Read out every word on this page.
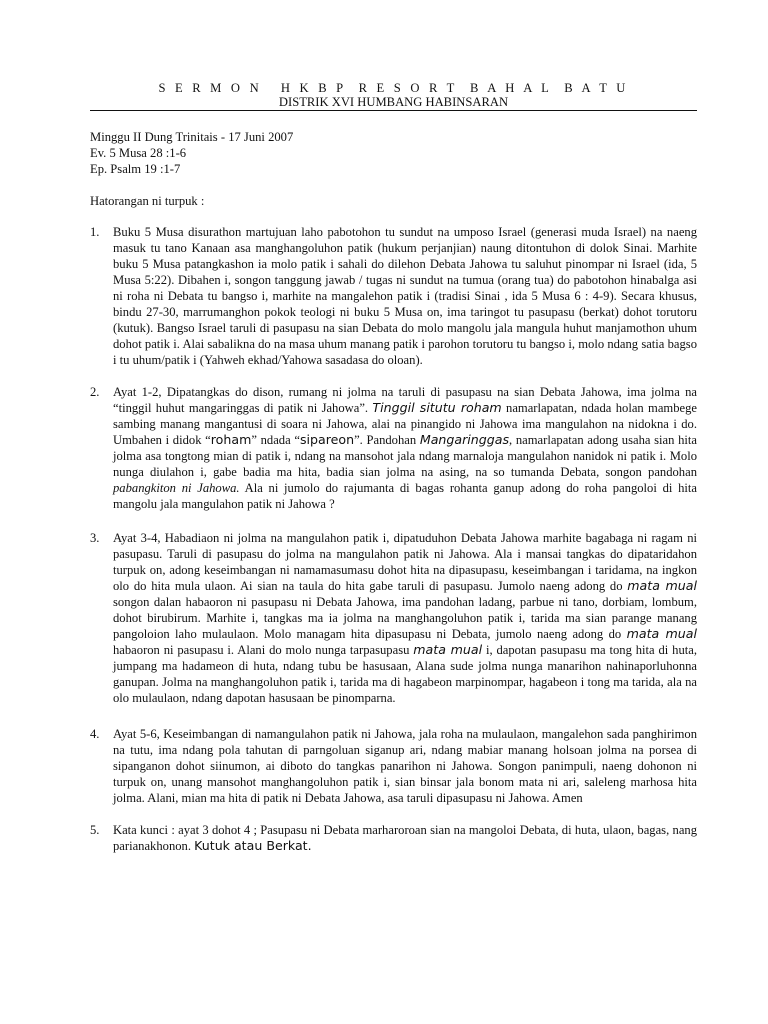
S E R M O N   H K B P  R E S O R T  B A H A L  B A T U
DISTRIK XVI HUMBANG HABINSARAN
Minggu II Dung Trinitais - 17 Juni 2007
Ev. 5 Musa 28 :1-6
Ep. Psalm 19 :1-7
Hatorangan ni turpuk :
1. Buku 5 Musa disurathon martujuan laho pabotohon tu sundut na umposo Israel (generasi muda Israel) na naeng masuk tu tano Kanaan asa manghangoluhon patik (hukum perjanjian) naung ditontuhon di dolok Sinai. Marhite buku 5 Musa patangkashon ia molo patik i sahali do dilehon Debata Jahowa tu saluhut pinompar ni Israel (ida, 5 Musa 5:22). Dibahen i, songon tanggung jawab / tugas ni sundut na tumua (orang tua) do pabotohon hinabalga asi ni roha ni Debata tu bangso i, marhite na mangalehon patik i (tradisi Sinai , ida 5 Musa 6 : 4-9). Secara khusus, bindu 27-30, marrumanghon pokok teologi ni buku 5 Musa on, ima taringot tu pasupasu (berkat) dohot torutoru (kutuk). Bangso Israel taruli di pasupasu na sian Debata do molo mangolu jala mangula huhut manjamothon uhum dohot patik i. Alai sabalikna do na masa uhum manang patik i parohon torutoru tu bangso i, molo ndang satia bagso i tu uhum/patik i (Yahweh ekhad/Yahowa sasadasa do oloan).

2. Ayat 1-2, Dipatangkas do dison, rumang ni jolma na taruli di pasupasu na sian Debata Jahowa, ima jolma na “tinggil huhut mangaringgas di patik ni Jahowa”. Tinggil situtu roham namarlapatan, ndada holan mambege sambing manang mangantusi di soara ni Jahowa, alai na pinangido ni Jahowa ima mangulahon na nidokna i do. Umbahen i didok “roham” ndada “sipareon”. Pandohan Mangaringgas, namarlapatan adong usaha sian hita jolma asa tongtong mian di patik i, ndang na mansohot jala ndang marnaloja mangulahon nanidok ni patik i. Molo nunga diulahon i, gabe badia ma hita, badia sian jolma na asing, na so tumanda Debata, songon pandohan pabangkiton ni Jahowa. Ala ni jumolo do rajumanta di bagas rohanta ganup adong do roha pangoloi di hita mangolu jala mangulahon patik ni Jahowa ?

3. Ayat 3-4, Habadiaon ni jolma na mangulahon patik i, dipatuduhon Debata Jahowa marhite bagabaga ni ragam ni pasupasu. Taruli di pasupasu do jolma na mangulahon patik ni Jahowa. Ala i mansai tangkas do dipataridahon turpuk on, adong keseimbangan ni namamasumasu dohot hita na dipasupasu, keseimbangan i taridama, na ingkon olo do hita mula ulaon. Ai sian na taula do hita gabe taruli di pasupasu. Jumolo naeng adong do mata mual songon dalan habaoron ni pasupasu ni Debata Jahowa, ima pandohan ladang, parbue ni tano, dorbiam, lombum, dohot birubirum. Marhite i, tangkas ma ia jolma na manghangoluhon patik i, tarida ma sian parange manang pangoloion laho mulaulaon. Molo managam hita dipasupasu ni Debata, jumolo naeng adong do mata mual habaoron ni pasupasu i. Alani do molo nunga tarpasupasu mata mual i, dapotan pasupasu ma tong hita di huta, jumpang ma hadameon di huta, ndang tubu be hasusaan, Alana sude jolma nunga manarihon nahinaporluhonna ganupan. Jolma na manghangoluhon patik i, tarida ma di hagabeon marpinompar, hagabeon i tong ma tarida, ala na olo mulaulaon, ndang dapotan hasusaan be pinomparna.

4. Ayat 5-6, Keseimbangan di namangulahon patik ni Jahowa, jala roha na mulaulaon, mangalehon sada panghirimon na tutu, ima ndang pola tahutan di parngoluan siganup ari, ndang mabiar manang holsoan jolma na porsea di sipanganon dohot siinumon, ai diboto do tangkas panarihon ni Jahowa. Songon panimpuli, naeng dohonon ni turpuk on, unang mansohot manghangoluhon patik i, sian binsar jala bonom mata ni ari, saleleng marhosa hita jolma. Alani, mian ma hita di patik ni Debata Jahowa, asa taruli dipasupasu ni Jahowa. Amen

5. Kata kunci : ayat 3 dohot 4 ; Pasupasu ni Debata marharoroan sian na mangoloi Debata, di huta, ulaon, bagas, nang parianakhonon. Kutuk atau Berkat.
